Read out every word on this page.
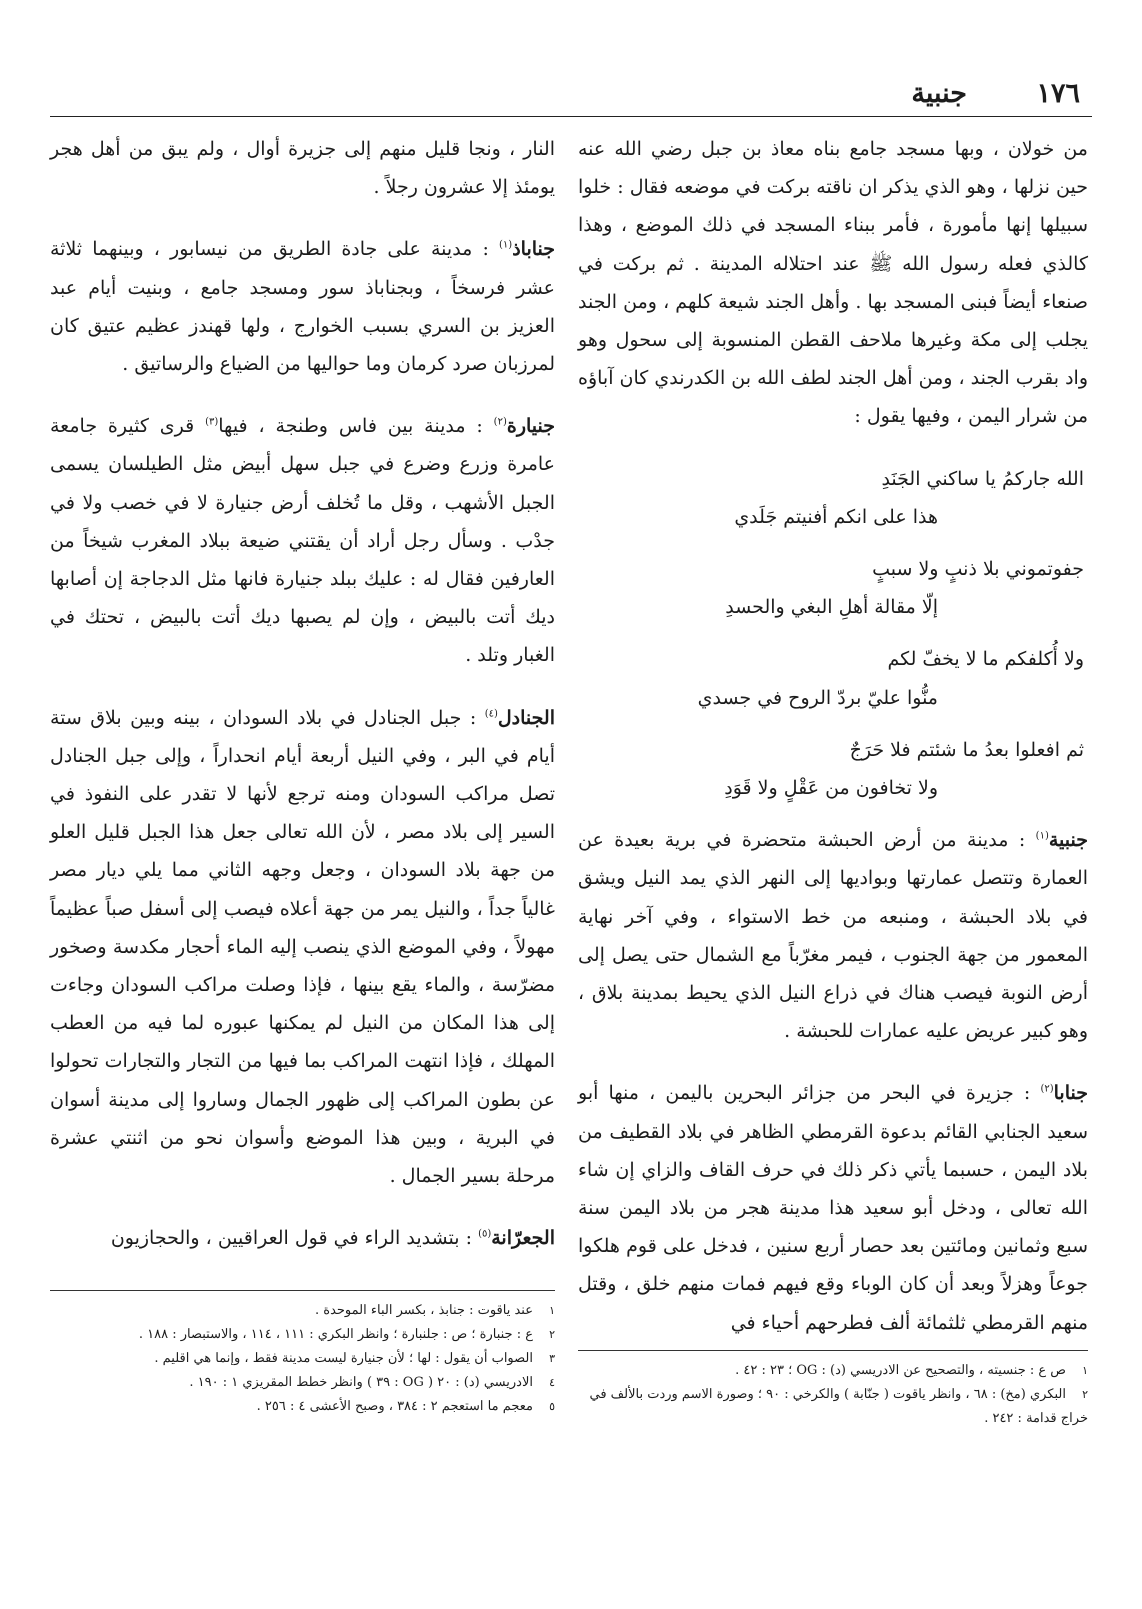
١٧٦
جنبية

من خولان ، وبها مسجد جامع بناه معاذ بن جبل رضي الله عنه حين نزلها ، وهو الذي يذكر ان ناقته بركت في موضعه فقال : خلوا سبيلها إنها مأمورة ، فأمر ببناء المسجد في ذلك الموضع ، وهذا كالذي فعله رسول الله ﷺ عند احتلاله المدينة . ثم بركت في صنعاء أيضاً فبنى المسجد بها . وأهل الجند شيعة كلهم ، ومن الجند يجلب إلى مكة وغيرها ملاحف القطن المنسوبة إلى سحول وهو واد بقرب الجند ، ومن أهل الجند لطف الله بن الكدرندي كان آباؤه من شرار اليمن ، وفيها يقول :

الله جاركمُ يا ساكني الجَنَدِ
هذا على انكم أفنيتم جَلَدي
جفوتموني بلا ذنبٍ ولا سببٍ
إلّا مقالة أهلِ البغي والحسدِ
ولا أُكلفكم ما لا يخفّ لكم
منُّوا عليّ بردّ الروح في جسدي
ثم افعلوا بعدُ ما شئتم فلا حَرَجٌ
ولا تخافون من عَقْلٍ ولا قَوَدِ

جنبية$^{(١)}$ : مدينة من أرض الحبشة متحضرة في برية بعيدة عن العمارة وتتصل عمارتها وبواديها إلى النهر الذي يمد النيل ويشق في بلاد الحبشة ، ومنبعه من خط الاستواء ، وفي آخر نهاية المعمور من جهة الجنوب ، فيمر مغرّباً مع الشمال حتى يصل إلى أرض النوبة فيصب هناك في ذراع النيل الذي يحيط بمدينة بلاق ، وهو كبير عريض عليه عمارات للحبشة .

جنابا$^{(٢)}$ : جزيرة في البحر من جزائر البحرين باليمن ، منها أبو سعيد الجنابي القائم بدعوة القرمطي الظاهر في بلاد القطيف من بلاد اليمن ، حسبما يأتي ذكر ذلك في حرف القاف والزاي إن شاء الله تعالى ، ودخل أبو سعيد هذا مدينة هجر من بلاد اليمن سنة سبع وثمانين ومائتين بعد حصار أربع سنين ، فدخل على قوم هلكوا جوعاً وهزلاً وبعد أن كان الوباء وقع فيهم فمات منهم خلق ، وقتل منهم القرمطي ثلثمائة ألف فطرحهم أحياء في

النار ، ونجا قليل منهم إلى جزيرة أوال ، ولم يبق من أهل هجر يومئذ إلا عشرون رجلاً .

جناباذ$^{(١)}$ : مدينة على جادة الطريق من نيسابور ، وبينهما ثلاثة عشر فرسخاً ، وبجناباذ سور ومسجد جامع ، وبنيت أيام عبد العزيز بن السري بسبب الخوارج ، ولها قهندز عظيم عتيق كان لمرزبان صرد كرمان وما حواليها من الضياع والرساتيق .

جنيارة$^{(٢)}$ : مدينة بين فاس وطنجة ، فيها$^{(٣)}$ قرى كثيرة جامعة عامرة وزرع وضرع في جبل سهل أبيض مثل الطيلسان يسمى الجبل الأشهب ، وقل ما تُخلف أرض جنيارة لا في خصب ولا في جدْب . وسأل رجل أراد أن يقتني ضيعة ببلاد المغرب شيخاً من العارفين فقال له : عليك ببلد جنيارة فانها مثل الدجاجة إن أصابها ديك أتت بالبيض ، وإن لم يصبها ديك أتت بالبيض ، تحتك في الغبار وتلد .

الجنادل$^{(٤)}$ : جبل الجنادل في بلاد السودان ، بينه وبين بلاق ستة أيام في البر ، وفي النيل أربعة أيام انحداراً ، وإلى جبل الجنادل تصل مراكب السودان ومنه ترجع لأنها لا تقدر على النفوذ في السير إلى بلاد مصر ، لأن الله تعالى جعل هذا الجبل قليل العلو من جهة بلاد السودان ، وجعل وجهه الثاني مما يلي ديار مصر غالياً جداً ، والنيل يمر من جهة أعلاه فيصب إلى أسفل صباً عظيماً مهولاً ، وفي الموضع الذي ينصب إليه الماء أحجار مكدسة وصخور مضرّسة ، والماء يقع بينها ، فإذا وصلت مراكب السودان وجاءت إلى هذا المكان من النيل لم يمكنها عبوره لما فيه من العطب المهلك ، فإذا انتهت المراكب بما فيها من التجار والتجارات تحولوا عن بطون المراكب إلى ظهور الجمال وساروا إلى مدينة أسوان في البرية ، وبين هذا الموضع وأسوان نحو من اثنتي عشرة مرحلة بسير الجمال .

الجعرّانة$^{(٥)}$ : بتشديد الراء في قول العراقيين ، والحجازيون

١ص ع : جنسيته ، والتصحيح عن الادريسي (د) : OG ؛ ٢٣ : ٤٢ .
٢البكري (مخ) : ٦٨ ، وانظر ياقوت ( جنّابة ) والكرخي : ٩٠ ؛ وصورة الاسم وردت بالألف في خراج قدامة : ٢٤٢ .
١عند ياقوت : جنابذ ، بكسر الباء الموحدة .
٢ع : جنبارة ؛ ص : جلنبارة ؛ وانظر البكري : ١١١ ، ١١٤ ، والاستبصار : ١٨٨ .
٣الصواب أن يقول : لها ؛ لأن جنيارة ليست مدينة فقط ، وإنما هي اقليم .
٤الادريسي (د) : ٢٠ ( OG : ٣٩ ) وانظر خطط المقريزي ١ : ١٩٠ .
٥معجم ما استعجم ٢ : ٣٨٤ ، وصبح الأعشى ٤ : ٢٥٦ .
